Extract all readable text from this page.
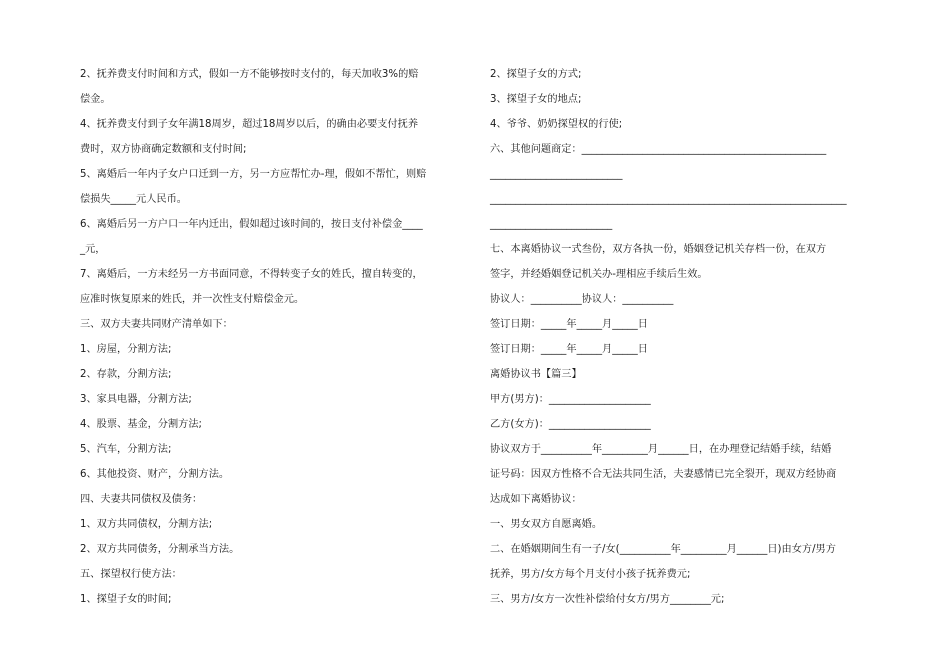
2、抚养费支付时间和方式，假如一方不能够按时支付的，每天加收3%的赔

偿金。

4、抚养费支付到子女年满18周岁，超过18周岁以后，的确由必要支付抚养

费时，双方协商确定数额和支付时间;

5、离婚后一年内子女户口迁到一方，另一方应帮忙办-理，假如不帮忙，则赔

偿损失_____元人民币。

6、离婚后另一方户口一年内迁出，假如超过该时间的，按日支付补偿金____

_元，

7、离婚后，一方未经另一方书面同意，不得转变子女的姓氏，擅自转变的，

应准时恢复原来的姓氏，并一次性支付赔偿金元。

三、双方夫妻共同财产清单如下：

1、房屋，分割方法;

2、存款，分割方法;

3、家具电器，分割方法;

4、股票、基金，分割方法;

5、汽车，分割方法;

6、其他投资、财产，分割方法。

四、夫妻共同债权及债务：

1、双方共同债权，分割方法;

2、双方共同债务，分割承当方法。

五、探望权行使方法：

1、探望子女的时间;

2、探望子女的方式;

3、探望子女的地点;

4、爷爷、奶奶探望权的行使;

六、其他问题商定：________________________________________________

__________________________

______________________________________________________________________

________________________

七、本离婚协议一式叁份，双方各执一份，婚姻登记机关存档一份，在双方

签字，并经婚姻登记机关办-理相应手续后生效。

协议人：__________协议人：__________

签订日期：_____年_____月_____日

签订日期：_____年_____月_____日

离婚协议书【篇三】

甲方(男方)：____________________

乙方(女方)：____________________

协议双方于__________年_________月______日，在办理登记结婚手续，结婚

证号码：因双方性格不合无法共同生活，夫妻感情已完全裂开，现双方经协商

达成如下离婚协议：

一、男女双方自愿离婚。

二、在婚姻期间生有一子/女(__________年_________月______日)由女方/男方

抚养，男方/女方每个月支付小孩子抚养费元;

三、男方/女方一次性补偿给付女方/男方________元;
